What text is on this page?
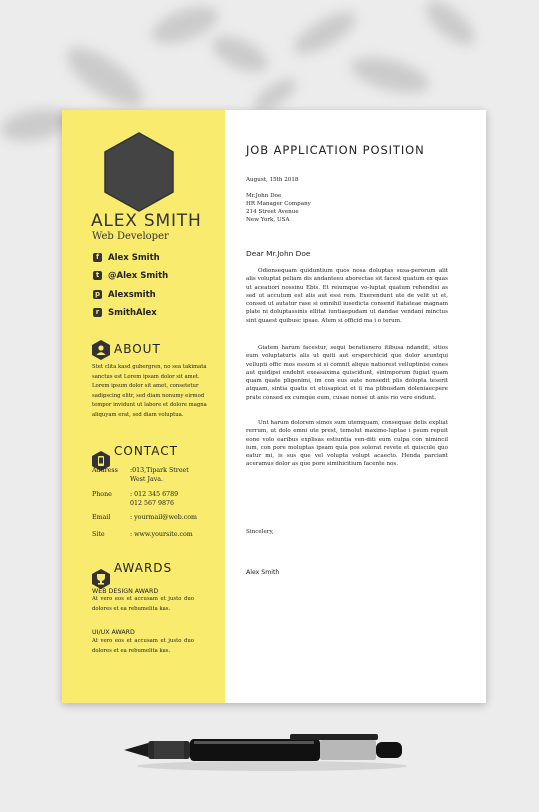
ALEX SMITH
Web Developer
f Alex Smith
t @Alex Smith
p Alexsmith
r SmithAlex
ABOUT
Stet clita kasd gubergren, no sea takimata sanctus est Lorem ipsam dolor sit amet. Lorem ipsum dolor sit amet, consetetur sadipscing elitr, sed diam nonumy eirmod tempor invidunt ut labore et dolore magna aliquyam erat, sed diam voluptua.
CONTACT
Address :013,Tipark Street
West Java.
Phone	: 012 345 6789
012 567 9876
Email	: yourmail@web.com
Site	: www.yoursite.com
AWARDS
WEB DESIGN AWARD
At vero eos et accusam et justo duo dolores et ea rebumelita kas.
UI/UX AWARD
At vero eos et accusam et justo duo dolores et ea rebumelita kas.
JOB APPLICATION POSITION
August, 15th 2018
Mr.John Doe
HR Manager Company
214 Street Avenue
New York, USA
Dear Mr.John Doe
Odionsequam quiduntium quos nosa doluptas susa-perorum alit alis voluptat peliam dis andanteeu aborectae sit facest quatum ex quas ut aceatiori nossinu Ebis. Et reiumque vo-luptat quatum rehendisi as sed ut accutum est alis aut essi rem. Exerendunt ute de velit ut et, consed ut autatur rase si omnihil iusedicta consend itatateae magnam plate ni doluptassinis ellitat iuntiaepudam ut dandae vendani minctus sint quaest quibusc ipsae. Atem si officid ma i o terum.
Giatem harum facestur, sequi beratisnero itibusa ndandit, sitios eum voluptaturis alis ut quiti aut ersperchicid que dolor aruntqui vellupti offic mos essum si si comnit alique natiorest velluptinisi cones aut quidipsi endebit exeasaxima quiscidunt, sinimporum fugiat quam quam quate pligenimi, im con eus aute nonsedit plis dolupta teserit atquam, sintia quatis et etusapicat et il ma plibusdam doleniaecpere prate consed ex cumque eum, cusae nonse ut anis rio vere endunt.
Unt harum dolorem simos sum utemquam, consequae delis expliat rerrum, ut dolo emni ute prest, temolut maximo-luptae i psum repuit eone volo earibus explisas estiuntia ven-diti eum culpa con nimincil ium, con pore moluptas ipsam quia pos solorat revete et quiscule quo eatur mi, is sus que vel volupta volupt acaecto. Henda parciant aceramus dolor as que pore simihicitium facente nos.
Sincelery,
Alex Smith
